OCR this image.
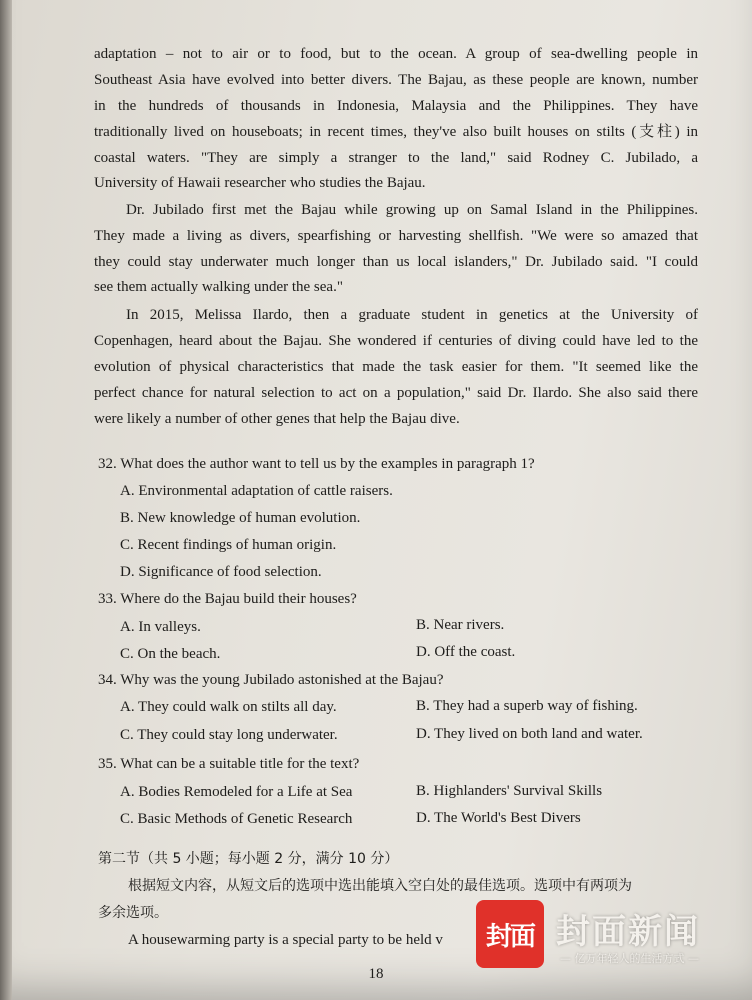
adaptation – not to air or to food, but to the ocean. A group of sea-dwelling people in

Southeast Asia have evolved into better divers. The Bajau, as these people are known, number

in the hundreds of thousands in Indonesia, Malaysia and the Philippines. They have

traditionally lived on houseboats; in recent times, they've also built houses on stilts (支柱) in

coastal waters. "They are simply a stranger to the land," said Rodney C. Jubilado, a

University of Hawaii researcher who studies the Bajau.

Dr. Jubilado first met the Bajau while growing up on Samal Island in the Philippines.

They made a living as divers, spearfishing or harvesting shellfish. "We were so amazed that

they could stay underwater much longer than us local islanders," Dr. Jubilado said. "I could

see them actually walking under the sea."

In 2015, Melissa Ilardo, then a graduate student in genetics at the University of

Copenhagen, heard about the Bajau. She wondered if centuries of diving could have led to the

evolution of physical characteristics that made the task easier for them. "It seemed like the

perfect chance for natural selection to act on a population," said Dr. Ilardo. She also said there

were likely a number of other genes that help the Bajau dive.

32. What does the author want to tell us by the examples in paragraph 1?

A. Environmental adaptation of cattle raisers.

B. New knowledge of human evolution.

C. Recent findings of human origin.

D. Significance of food selection.

33. Where do the Bajau build their houses?

A. In valleys.	B. Near rivers.

C. On the beach.	D. Off the coast.

34. Why was the young Jubilado astonished at the Bajau?

A. They could walk on stilts all day.	B. They had a superb way of fishing.

C. They could stay long underwater.	D. They lived on both land and water.

35. What can be a suitable title for the text?

A. Bodies Remodeled for a Life at Sea	B. Highlanders' Survival Skills

C. Basic Methods of Genetic Research	D. The World's Best Divers

第二节（共 5 小题；每小题 2 分，满分 10 分）

根据短文内容，从短文后的选项中选出能填入空白处的最佳选项。选项中有两项为

多余选项。

A housewarming party is a special party to be held v

18
封面 封面新闻
— 亿万年轻人的生活方式 —
